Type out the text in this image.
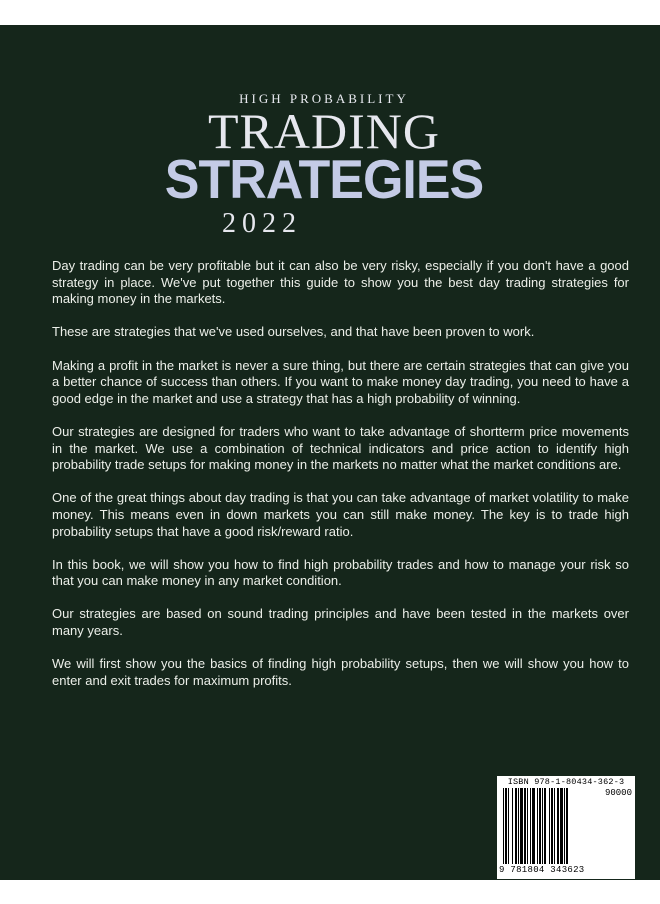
HIGH PROBABILITY
TRADING
STRATEGIES
2022

Day trading can be very profitable but it can also be very risky, especially if you don't have a good strategy in place. We've put together this guide to show you the best day trading strategies for making money in the markets.

These are strategies that we've used ourselves, and that have been proven to work.

Making a profit in the market is never a sure thing, but there are certain strategies that can give you a better chance of success than others. If you want to make money day trading, you need to have a good edge in the market and use a strategy that has a high probability of winning.

Our strategies are designed for traders who want to take advantage of shortterm price movements in the market. We use a combination of technical indicators and price action to identify high probability trade setups for making money in the markets no matter what the market conditions are.

One of the great things about day trading is that you can take advantage of market volatility to make money. This means even in down markets you can still make money. The key is to trade high probability setups that have a good risk/reward ratio.

In this book, we will show you how to find high probability trades and how to manage your risk so that you can make money in any market condition.

Our strategies are based on sound trading principles and have been tested in the markets over many years.

We will first show you the basics of finding high probability setups, then we will show you how to enter and exit trades for maximum profits.

ISBN 978-1-80434-362-3
90000
9 781804 343623
